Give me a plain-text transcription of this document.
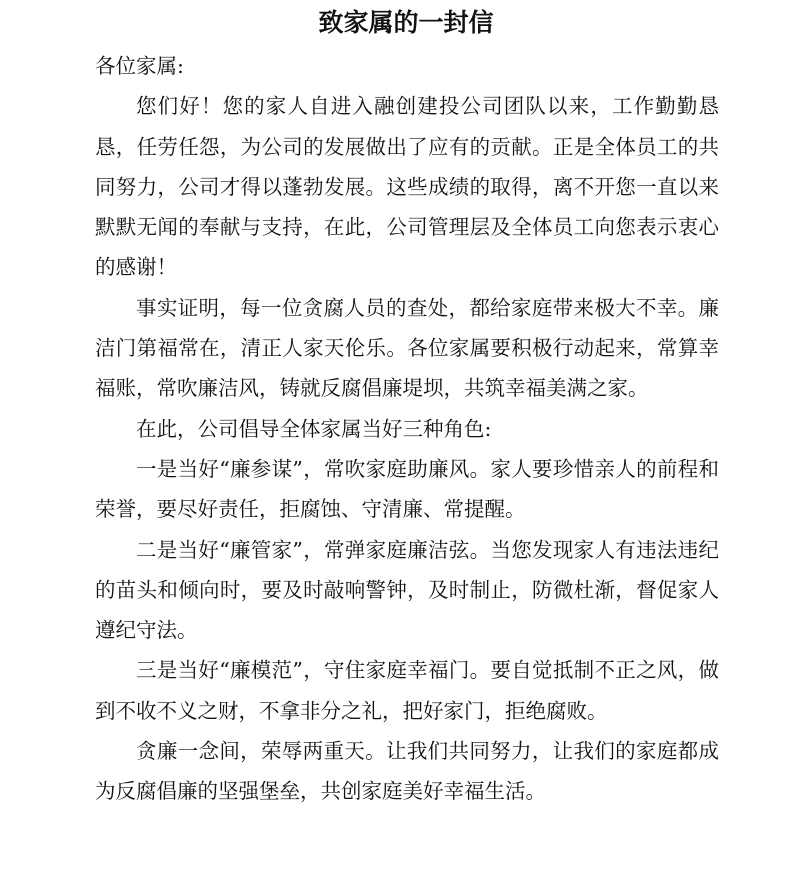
致家属的一封信

各位家属:

您们好！您的家人自进入融创建投公司团队以来，工作勤勤恳恳，任劳任怨，为公司的发展做出了应有的贡献。正是全体员工的共同努力，公司才得以蓬勃发展。这些成绩的取得，离不开您一直以来默默无闻的奉献与支持，在此，公司管理层及全体员工向您表示衷心的感谢！

事实证明，每一位贪腐人员的查处，都给家庭带来极大不幸。廉洁门第福常在，清正人家天伦乐。各位家属要积极行动起来，常算幸福账，常吹廉洁风，铸就反腐倡廉堤坝，共筑幸福美满之家。

在此，公司倡导全体家属当好三种角色:

一是当好“廉参谋”，常吹家庭助廉风。家人要珍惜亲人的前程和荣誉，要尽好责任，拒腐蚀、守清廉、常提醒。

二是当好“廉管家”，常弹家庭廉洁弦。当您发现家人有违法违纪的苗头和倾向时，要及时敲响警钟，及时制止，防微杜渐，督促家人遵纪守法。

三是当好“廉模范”，守住家庭幸福门。要自觉抵制不正之风，做到不收不义之财，不拿非分之礼，把好家门，拒绝腐败。

贪廉一念间，荣辱两重天。让我们共同努力，让我们的家庭都成为反腐倡廉的坚强堡垒，共创家庭美好幸福生活。
